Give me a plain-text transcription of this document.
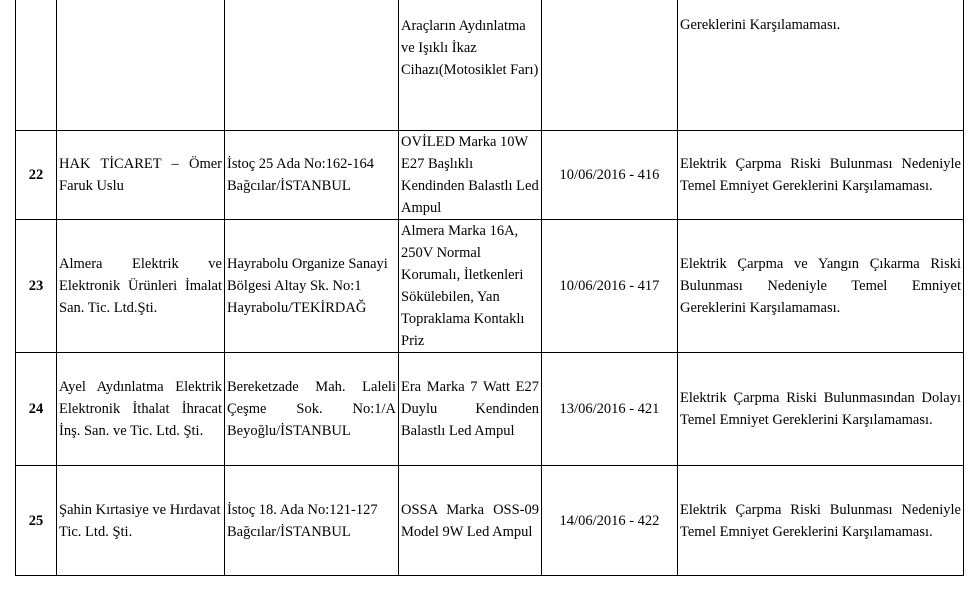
			Araçların Aydınlatma ve Işıklı İkaz Cihazı(Motosiklet Farı)		Gereklerini Karşılamaması.
22	HAK TİCARET – Ömer Faruk Uslu	İstoç 25 Ada No:162-164 Bağcılar/İSTANBUL	OVİLED Marka 10W E27 Başlıklı Kendinden Balastlı Led Ampul	10/06/2016 - 416	Elektrik Çarpma Riski Bulunması Nedeniyle Temel Emniyet Gereklerini Karşılamaması.
23	Almera Elektrik ve Elektronik Ürünleri İmalat San. Tic. Ltd.Şti.	Hayrabolu Organize Sanayi Bölgesi Altay Sk. No:1 Hayrabolu/TEKİRDAĞ	Almera Marka 16A, 250V Normal Korumalı, İletkenleri Sökülebilen, Yan Topraklama Kontaklı Priz	10/06/2016 - 417	Elektrik Çarpma ve Yangın Çıkarma Riski Bulunması Nedeniyle Temel Emniyet Gereklerini Karşılamaması.
24	Ayel Aydınlatma Elektrik Elektronik İthalat İhracat İnş. San. ve Tic. Ltd. Şti.	Bereketzade Mah. Laleli Çeşme Sok. No:1/A Beyoğlu/İSTANBUL	Era Marka 7 Watt E27 Duylu Kendinden Balastlı Led Ampul	13/06/2016 - 421	Elektrik Çarpma Riski Bulunmasından Dolayı Temel Emniyet Gereklerini Karşılamaması.
25	Şahin Kırtasiye ve Hırdavat Tic. Ltd. Şti.	İstoç 18. Ada No:121-127 Bağcılar/İSTANBUL	OSSA Marka OSS-09 Model 9W Led Ampul	14/06/2016 - 422	Elektrik Çarpma Riski Bulunması Nedeniyle Temel Emniyet Gereklerini Karşılamaması.
